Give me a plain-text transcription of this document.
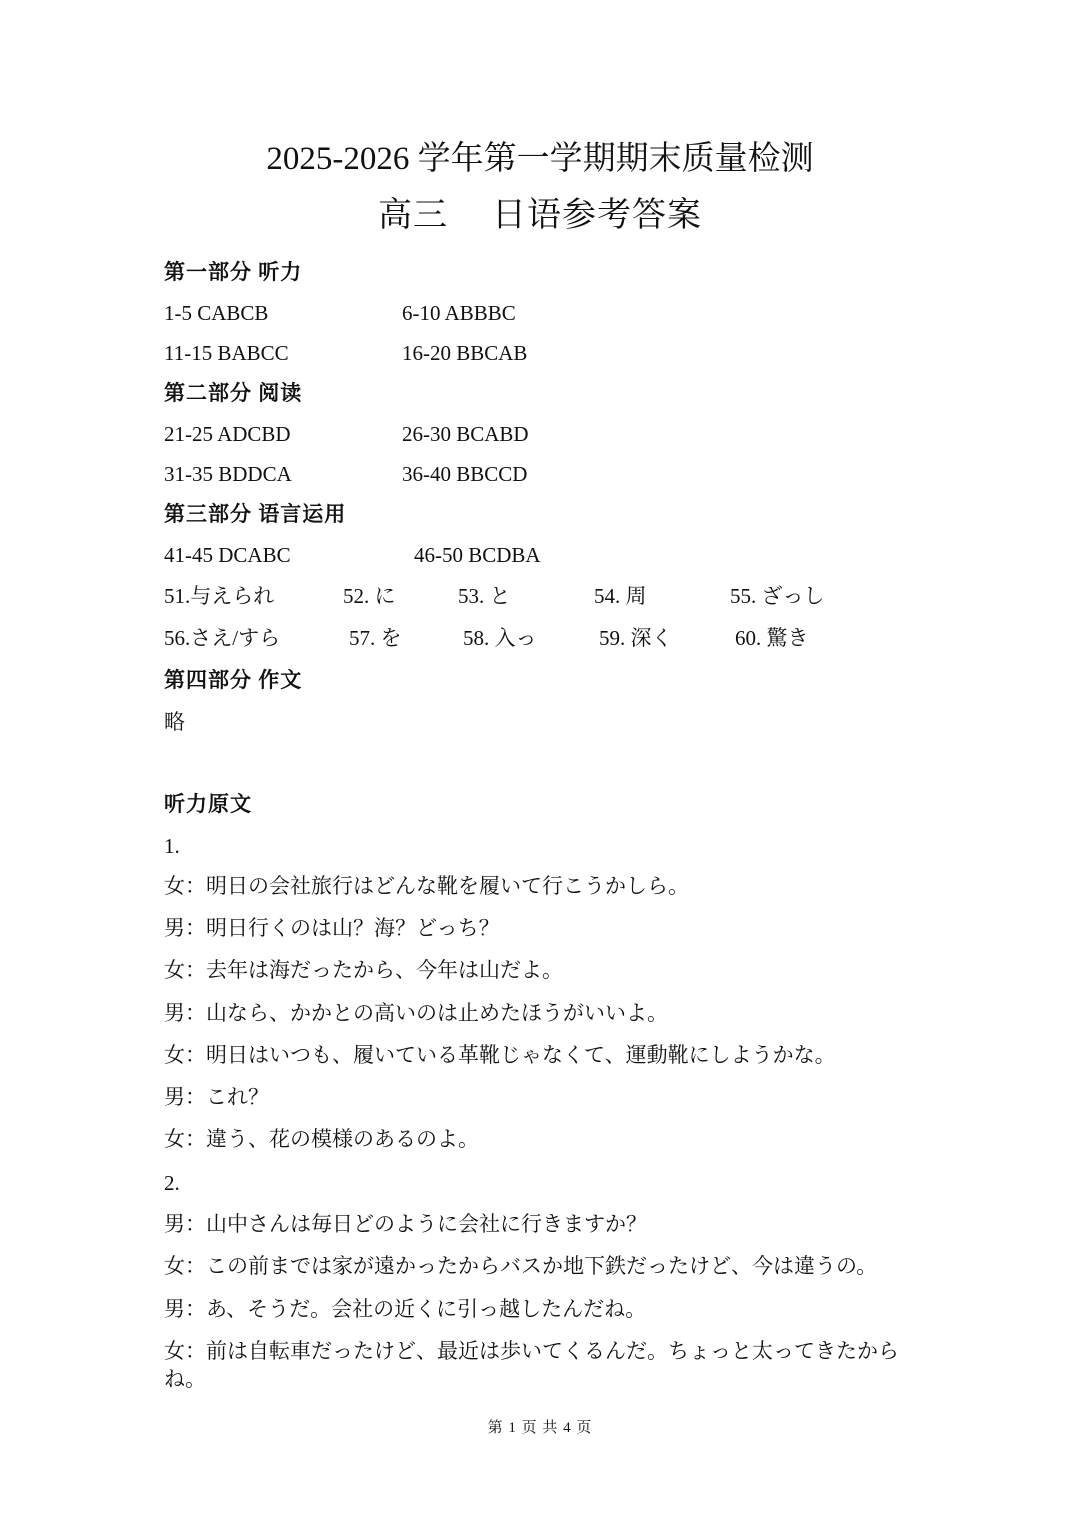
2025-2026 学年第一学期期末质量检测
高三 日语参考答案
第一部分 听力
1-5 CABCB	6-10 ABBBC
11-15 BABCC	16-20 BBCAB
第二部分 阅读
21-25 ADCBD	26-30 BCABD
31-35 BDDCA	36-40 BBCCD
第三部分 语言运用
41-45 DCABC	46-50 BCDBA
51.与えられ	52. に	53. と	54. 周	55. ざっし
56.さえ/すら	57. を	58. 入っ	59. 深く	60. 驚き
第四部分 作文
略
听力原文
1.
女：明日の会社旅行はどんな靴を履いて行こうかしら。
男：明日行くのは山？海？どっち？
女：去年は海だったから、今年は山だよ。
男：山なら、かかとの高いのは止めたほうがいいよ。
女：明日はいつも、履いている革靴じゃなくて、運動靴にしようかな。
男：これ？
女：違う、花の模様のあるのよ。
2.
男：山中さんは毎日どのように会社に行きますか？
女：この前までは家が遠かったからバスか地下鉄だったけど、今は違うの。
男：あ、そうだ。会社の近くに引っ越したんだね。
女：前は自転車だったけど、最近は歩いてくるんだ。ちょっと太ってきたからね。
第 1 页 共 4 页
